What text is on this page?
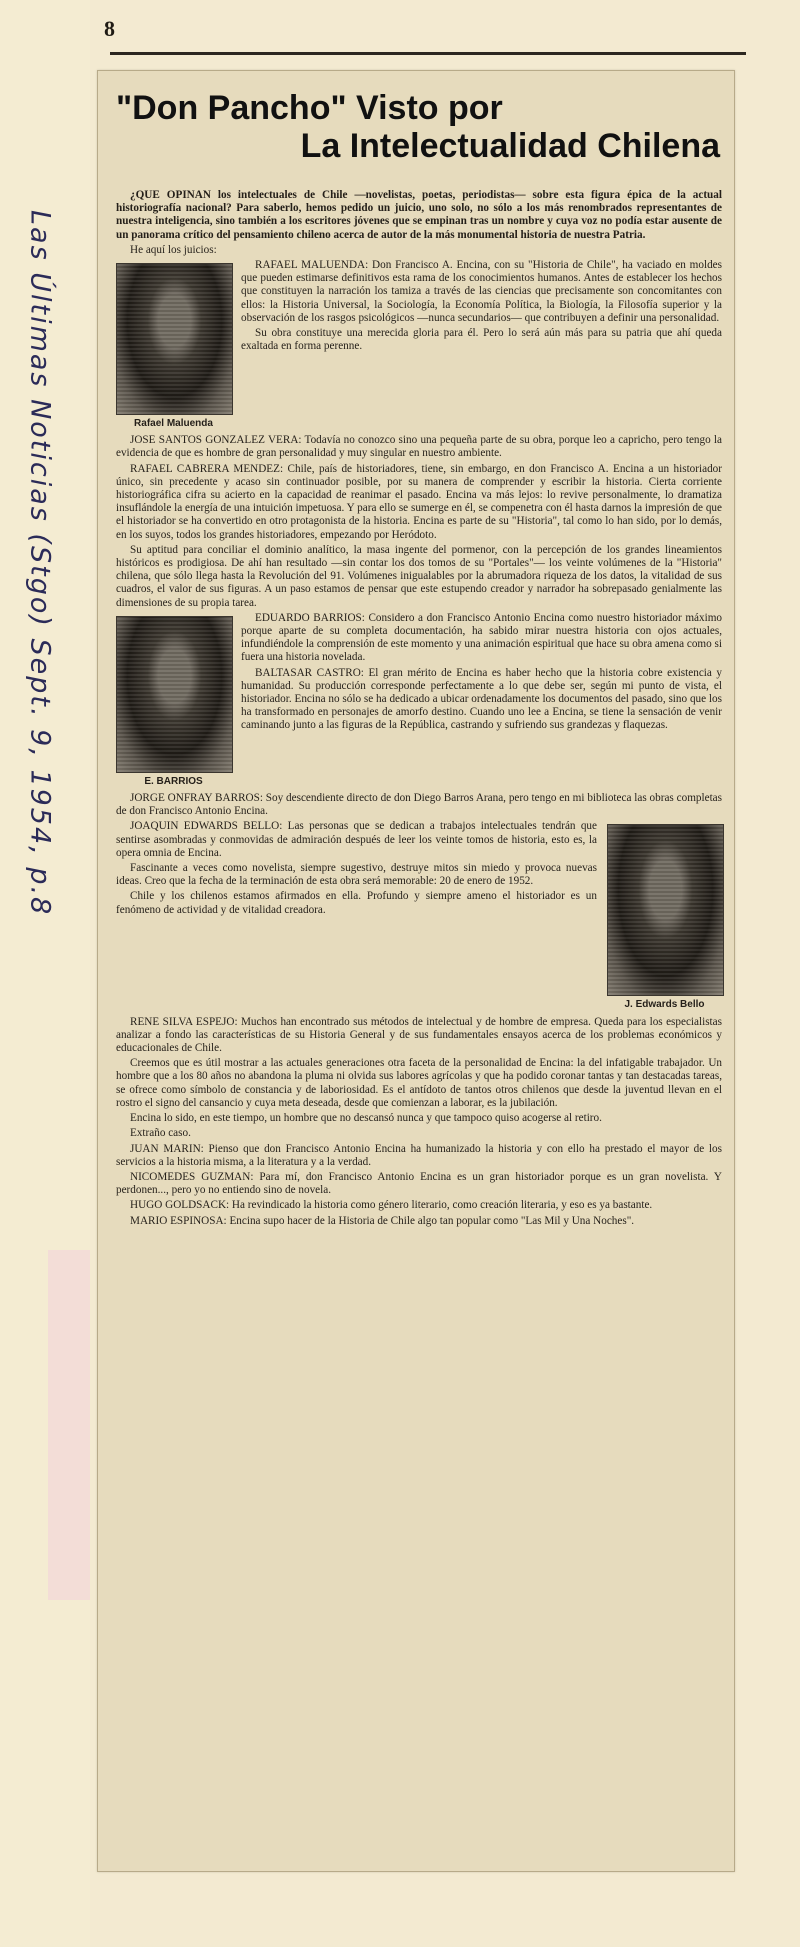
8
Las Últimas Noticias (Stgo) Sept. 9, 1954, p.8
"Don Pancho" Visto por
La Intelectualidad Chilena

¿QUE OPINAN los intelectuales de Chile —novelistas, poetas, periodistas— sobre esta figura épica de la actual historiografía nacional? Para saberlo, hemos pedido un juicio, uno solo, no sólo a los más renombrados representantes de nuestra inteligencia, sino también a los escritores jóvenes que se empinan tras un nombre y cuya voz no podía estar ausente de un panorama crítico del pensamiento chileno acerca de autor de la más monumental historia de nuestra Patria.

He aquí los juicios:

Rafael Maluenda

RAFAEL MALUENDA: Don Francisco A. Encina, con su "Historia de Chile", ha vaciado en moldes que pueden estimarse definitivos esta rama de los conocimientos humanos. Antes de establecer los hechos que constituyen la narración los tamiza a través de las ciencias que precisamente son concomitantes con ellos: la Historia Universal, la Sociología, la Economía Política, la Biología, la Filosofía superior y la observación de los rasgos psicológicos —nunca secundarios— que contribuyen a definir una personalidad.

Su obra constituye una merecida gloria para él. Pero lo será aún más para su patria que ahí queda exaltada en forma perenne.

JOSE SANTOS GONZALEZ VERA: Todavía no conozco sino una pequeña parte de su obra, porque leo a capricho, pero tengo la evidencia de que es hombre de gran personalidad y muy singular en nuestro ambiente.

RAFAEL CABRERA MENDEZ: Chile, país de historiadores, tiene, sin embargo, en don Francisco A. Encina a un historiador único, sin precedente y acaso sin continuador posible, por su manera de comprender y escribir la historia. Cierta corriente historiográfica cifra su acierto en la capacidad de reanimar el pasado. Encina va más lejos: lo revive personalmente, lo dramatiza insuflándole la energía de una intuición impetuosa. Y para ello se sumerge en él, se compenetra con él hasta darnos la impresión de que el historiador se ha convertido en otro protagonista de la historia. Encina es parte de su "Historia", tal como lo han sido, por lo demás, en los suyos, todos los grandes historiadores, empezando por Heródoto.

Su aptitud para conciliar el dominio analítico, la masa ingente del pormenor, con la percepción de los grandes lineamientos históricos es prodigiosa. De ahí han resultado —sin contar los dos tomos de su "Portales"— los veinte volúmenes de la "Historia" chilena, que sólo llega hasta la Revolución del 91. Volúmenes inigualables por la abrumadora riqueza de los datos, la vitalidad de sus cuadros, el valor de sus figuras. A un paso estamos de pensar que este estupendo creador y narrador ha sobrepasado genialmente las dimensiones de su propia tarea.

E. BARRIOS

EDUARDO BARRIOS: Considero a don Francisco Antonio Encina como nuestro historiador máximo porque aparte de su completa documentación, ha sabido mirar nuestra historia con ojos actuales, infundiéndole la comprensión de este momento y una animación espiritual que hace su obra amena como si fuera una historia novelada.

BALTASAR CASTRO: El gran mérito de Encina es haber hecho que la historia cobre existencia y humanidad. Su producción corresponde perfectamente a lo que debe ser, según mi punto de vista, el historiador. Encina no sólo se ha dedicado a ubicar ordenadamente los documentos del pasado, sino que los ha transformado en personajes de amorfo destino. Cuando uno lee a Encina, se tiene la sensación de venir caminando junto a las figuras de la República, castrando y sufriendo sus grandezas y flaquezas.

JORGE ONFRAY BARROS: Soy descendiente directo de don Diego Barros Arana, pero tengo en mi biblioteca las obras completas de don Francisco Antonio Encina.

J. Edwards Bello

JOAQUIN EDWARDS BELLO: Las personas que se dedican a trabajos intelectuales tendrán que sentirse asombradas y conmovidas de admiración después de leer los veinte tomos de historia, esto es, la opera omnia de Encina.

Fascinante a veces como novelista, siempre sugestivo, destruye mitos sin miedo y provoca nuevas ideas. Creo que la fecha de la terminación de esta obra será memorable: 20 de enero de 1952.

Chile y los chilenos estamos afirmados en ella. Profundo y siempre ameno el historiador es un fenómeno de actividad y de vitalidad creadora.

RENE SILVA ESPEJO: Muchos han encontrado sus métodos de intelectual y de hombre de empresa. Queda para los especialistas analizar a fondo las características de su Historia General y de sus fundamentales ensayos acerca de los problemas económicos y educacionales de Chile.

Creemos que es útil mostrar a las actuales generaciones otra faceta de la personalidad de Encina: la del infatigable trabajador. Un hombre que a los 80 años no abandona la pluma ni olvida sus labores agrícolas y que ha podido coronar tantas y tan destacadas tareas, se ofrece como símbolo de constancia y de laboriosidad. Es el antídoto de tantos otros chilenos que desde la juventud llevan en el rostro el signo del cansancio y cuya meta deseada, desde que comienzan a laborar, es la jubilación.

Encina lo sido, en este tiempo, un hombre que no descansó nunca y que tampoco quiso acogerse al retiro.

Extraño caso.

JUAN MARIN: Pienso que don Francisco Antonio Encina ha humanizado la historia y con ello ha prestado el mayor de los servicios a la historia misma, a la literatura y a la verdad.

NICOMEDES GUZMAN: Para mí, don Francisco Antonio Encina es un gran historiador porque es un gran novelista. Y perdonen..., pero yo no entiendo sino de novela.

HUGO GOLDSACK: Ha revindicado la historia como género literario, como creación literaria, y eso es ya bastante.

MARIO ESPINOSA: Encina supo hacer de la Historia de Chile algo tan popular como "Las Mil y Una Noches".
